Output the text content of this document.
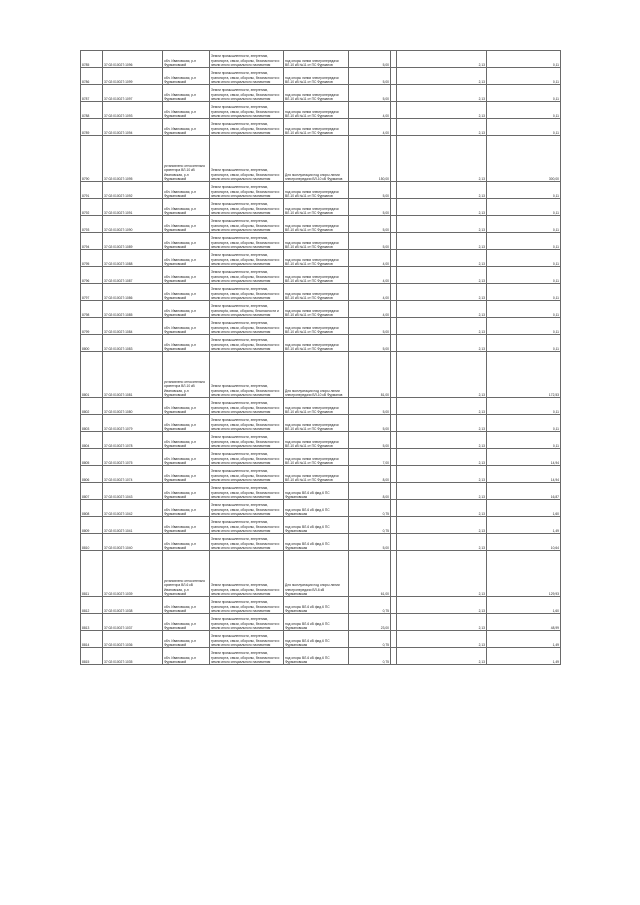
8785	37:02:010027:1096	обл. Ивановская, р-н Фурмановский	Земли промышленности, энергетики, транспорта, связи, обороны, безопасности и земли иного специального назначения	под опоры линии электропередачи ВЛ-10 кВ №11 от ПС Фурманов	5,00		2,13	0,11
8786	37:02:010027:1099	обл. Ивановская, р-н Фурмановский	Земли промышленности, энергетики, транспорта, связи, обороны, безопасности и земли иного специального назначения	под опоры линии электропередачи ВЛ-10 кВ №11 от ПС Фурманов	5,00		2,13	0,11
8787	37:02:010027:1097	обл. Ивановская, р-н Фурмановский	Земли промышленности, энергетики, транспорта, связи, обороны, безопасности и земли иного специального назначения	под опоры линии электропередачи ВЛ-10 кВ №11 от ПС Фурманов	5,00		2,13	0,11
8788	37:02:010027:1093	обл. Ивановская, р-н Фурмановский	Земли промышленности, энергетики, транспорта, связи, обороны, безопасности и земли иного специального назначения	под опоры линии электропередачи ВЛ-10 кВ №11 от ПС Фурманов	4,00		2,13	0,11
8789	37:02:010027:1094	обл. Ивановская, р-н Фурмановский	Земли промышленности, энергетики, транспорта, связи, обороны, безопасности и земли иного специального назначения	под опоры линии электропередачи ВЛ-10 кВ №11 от ПС Фурманов	4,00		2,13	0,11
8790	37:02:010027:1095	установлено относительно ориентира ВЛ-10 кВ Ивановская, р-н Фурмановский	Земли промышленности, энергетики, транспорта, связи, обороны, безопасности и земли иного специального назначения	Для эксплуатации под опоры линии электропередачи ВЛ-10 кВ Фурманов	150,00		2,13	300,00
8791	37:02:010027:1092	обл. Ивановская, р-н Фурмановский	Земли промышленности, энергетики, транспорта, связи, обороны, безопасности и земли иного специального назначения	под опоры линии электропередачи ВЛ-10 кВ №11 от ПС Фурманов	5,00		2,13	0,11
8792	37:02:010027:1091	обл. Ивановская, р-н Фурмановский	Земли промышленности, энергетики, транспорта, связи, обороны, безопасности и земли иного специального назначения	под опоры линии электропередачи ВЛ-10 кВ №11 от ПС Фурманов	5,00		2,13	0,11
8793	37:02:010027:1090	обл. Ивановская, р-н Фурмановский	Земли промышленности, энергетики, транспорта, связи, обороны, безопасности и земли иного специального назначения	под опоры линии электропередачи ВЛ-10 кВ №11 от ПС Фурманов	5,00		2,13	0,11
8794	37:02:010027:1089	обл. Ивановская, р-н Фурмановский	Земли промышленности, энергетики, транспорта, связи, обороны, безопасности и земли иного специального назначения	под опоры линии электропередачи ВЛ-10 кВ №11 от ПС Фурманов	5,00		2,13	0,11
8795	37:02:010027:1088	обл. Ивановская, р-н Фурмановский	Земли промышленности, энергетики, транспорта, связи, обороны, безопасности и земли иного специального назначения	под опоры линии электропередачи ВЛ-10 кВ №11 от ПС Фурманов	4,00		2,13	0,11
8796	37:02:010027:1087	обл. Ивановская, р-н Фурмановский	Земли промышленности, энергетики, транспорта, связи, обороны, безопасности и земли иного специального назначения	под опоры линии электропередачи ВЛ-10 кВ №11 от ПС Фурманов	4,00		2,13	0,11
8797	37:02:010027:1086	обл. Ивановская, р-н Фурмановский	Земли промышленности, энергетики, транспорта, связи, обороны, безопасности и земли иного специального назначения	под опоры линии электропередачи ВЛ-10 кВ №11 от ПС Фурманов	4,00		2,13	0,11
8798	37:02:010027:1085	обл. Ивановская, р-н Фурмановский	Земли промышленности, энергетики, транспорta, связи, обороны, безопасности и земли иного специального назначения	под опоры линии электропередачи ВЛ-10 кВ №11 от ПС Фурманов	4,00		2,13	0,11
8799	37:02:010027:1084	обл. Ивановская, р-н Фурмановский	Земли промышленности, энергетики, транспорта, связи, обороны, безопасности и земли иного специального назначения	под опоры линии электропередачи ВЛ-10 кВ №11 от ПС Фурманов	5,00		2,13	0,11
8800	37:02:010027:1083	обл. Ивановская, р-н Фурмановский	Земли промышленности, энергетики, транспорта, связи, обороны, безопасности и земли иного специального назначения	под опоры линии электропередачи ВЛ-10 кВ №11 от ПС Фурманов	5,00		2,13	0,11
8801	37:02:010027:1081	установлено относительно ориентира ВЛ-10 кВ Ивановская, р-н Фурмановский	Земли промышленности, энергетики, транспорта, связи, обороны, безопасности и земли иного специального назначения	Для эксплуатации под опоры линии электропередачи ВЛ-10 кВ Фурманов	81,00		2,13	172,53
8802	37:02:010027:1080	обл. Ивановская, р-н Фурмановский	Земли промышленности, энергетики, транспорта, связи, обороны, безопасности и земли иного специального назначения	под опоры линии электропередачи ВЛ-10 кВ №11 от ПС Фурманов	5,00		2,13	0,11
8803	37:02:010027:1079	обл. Ивановская, р-н Фурмановский	Земли промышленности, энергетики, транспорта, связи, обороны, безопасности и земли иного специального назначения	под опоры линии электропередачи ВЛ-10 кВ №11 от ПС Фурманов	5,00		2,13	0,11
8804	37:02:010027:1078	обл. Ивановская, р-н Фурмановский	Земли промышленности, энергетики, транспорта, связи, обороны, безопасности и земли иного специального назначения	под опоры линии электропередачи ВЛ-10 кВ №11 от ПС Фурманов	5,00		2,13	0,11
8805	37:02:010027:1075	обл. Ивановская, р-н Фурмановский	Земли промышленности, энергетики, транспорта, связи, обороны, безопасности и земли иного специального назначения	под опоры линии электропередачи ВЛ-10 кВ №11 от ПС Фурманов	7,00		2,13	14,94
8806	37:02:010027:1074	обл. Ивановская, р-н Фурмановский	Земли промышленности, энергетики, транспорта, связи, обороны, безопасности и земли иного специального назначения	под опоры линии электропередачи ВЛ-10 кВ №11 от ПС Фурманов	8,00		2,13	14,94
8807	37:02:010027:1043	обл. Ивановская, р-н Фурмановский	Земли промышленности, энергетики, транспорта, связи, обороны, безопасности и земли иного специального назначения	под опоры ВЛ-6 кВ фид.6 ПС Фурмановская	8,00		2,13	16,87
8808	37:02:010027:1042	обл. Ивановская, р-н Фурмановский	Земли промышленности, энергетики, транспорта, связи, обороны, безопасности и земли иного специального назначения	под опоры ВЛ-6 кВ фид.6 ПС Фурмановская	0,75		2,13	1,60
8809	37:02:010027:1041	обл. Ивановская, р-н Фурмановский	Земли промышленности, энергетики, транспорта, связи, обороны, безопасности и земли иного специального назначения	под опоры ВЛ-6 кВ фид.6 ПС Фурмановская	0,75		2,13	1,49
8810	37:02:010027:1040	обл. Ивановская, р-н Фурмановский	Земли промышленности, энергетики, транспорта, связи, обороны, безопасности и земли иного специального назначения	под опоры ВЛ-6 кВ фид.6 ПС Фурмановская	5,00		2,13	10,64
8811	37:02:010027:1039	установлено относительно ориентира ВЛ-6 кВ Ивановская, р-н Фурмановский	Земли промышленности, энергетики, транспорта, связи, обороны, безопасности и земли иного специального назначения	Для эксплуатации под опоры линии электропередачи ВЛ-6 кВ Фурмановская	61,00		2,13	129,93
8812	37:02:010027:1038	обл. Ивановская, р-н Фурмановский	Земли промышленности, энергетики, транспорта, связи, обороны, безопасности и земли иного специального назначения	под опоры ВЛ-6 кВ фид.6 ПС Фурмановская	0,75		2,13	1,60
8813	37:02:010027:1037	обл. Ивановская, р-н Фурмановский	Земли промышленности, энергетики, транспорта, связи, обороны, безопасности и земли иного специального назначения	под опоры ВЛ-6 кВ фид.6 ПС Фурмановская	23,00		2,13	48,99
8814	37:02:010027:1036	обл. Ивановская, р-н Фурмановский	Земли промышленности, энергетики, транспорта, связи, обороны, безопасности и земли иного специального назначения	под опоры ВЛ-6 кВ фид.6 ПС Фурмановская	0,75		2,13	1,49
8815	37:02:010027:1035	обл. Ивановская, р-н Фурмановский	Земли промышленности, энергетики, транспорта, связи, обороны, безопасности и земли иного специального назначения	под опоры ВЛ-6 кВ фид.6 ПС Фурмановская	0,75		2,13	1,49
